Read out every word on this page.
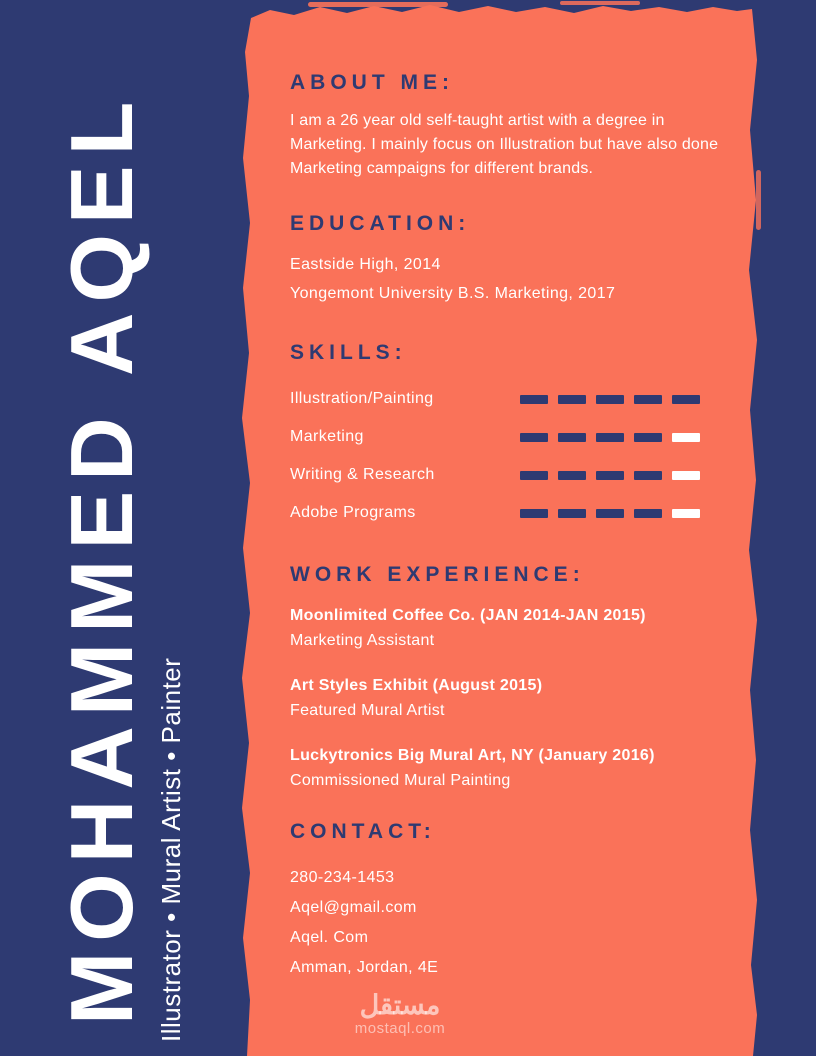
MOHAMMED AQEL Illustrator • Mural Artist • Painter
ABOUT ME:

I am a 26 year old self-taught artist with a degree in Marketing. I mainly focus on Illustration but have also done Marketing campaigns for different brands.

EDUCATION:
Eastside High, 2014
Yongemont University B.S. Marketing, 2017
SKILLS:
Illustration/Painting
Marketing
Writing & Research
Adobe Programs
WORK EXPERIENCE:
Moonlimited Coffee Co. (JAN 2014-JAN 2015)
Marketing Assistant
Art Styles Exhibit (August 2015)
Featured Mural Artist
Luckytronics Big Mural Art, NY (January 2016)
Commissioned Mural Painting
CONTACT:
280-234-1453
Aqel@gmail.com
Aqel. Com
Amman, Jordan, 4E
مستقل
mostaql.com
